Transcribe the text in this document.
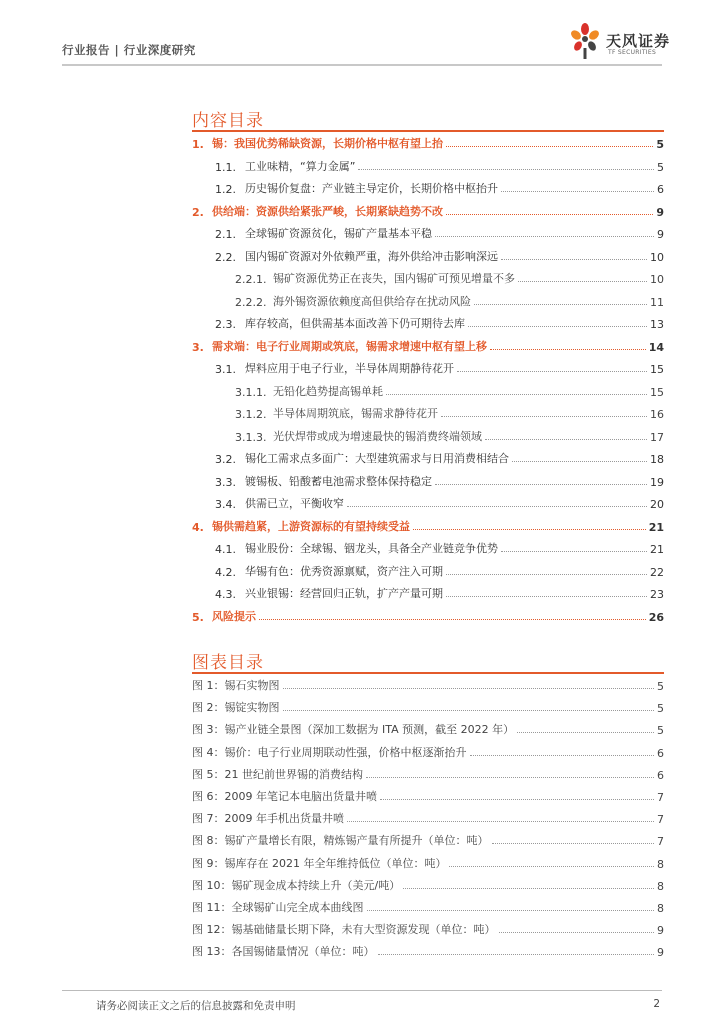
行业报告 | 行业深度研究	天风证券
TF SECURITIES
内容目录
1. 锡：我国优势稀缺资源，长期价格中枢有望上抬	5
1.1. 工业味精，“算力金属”	5
1.2. 历史锡价复盘：产业链主导定价，长期价格中枢抬升	6
2. 供给端：资源供给紧张严峻，长期紧缺趋势不改	9
2.1. 全球锡矿资源贫化，锡矿产量基本平稳	9
2.2. 国内锡矿资源对外依赖严重，海外供给冲击影响深远	10
2.2.1. 锡矿资源优势正在丧失，国内锡矿可预见增量不多	10
2.2.2. 海外锡资源依赖度高但供给存在扰动风险	11
2.3. 库存较高，但供需基本面改善下仍可期待去库	13
3. 需求端：电子行业周期或筑底，锡需求增速中枢有望上移	14
3.1. 焊料应用于电子行业，半导体周期静待花开	15
3.1.1. 无铅化趋势提高锡单耗	15
3.1.2. 半导体周期筑底，锡需求静待花开	16
3.1.3. 光伏焊带或成为增速最快的锡消费终端领域	17
3.2. 锡化工需求点多面广：大型建筑需求与日用消费相结合	18
3.3. 镀锡板、铅酸蓄电池需求整体保持稳定	19
3.4. 供需已立，平衡收窄	20
4. 锡供需趋紧，上游资源标的有望持续受益	21
4.1. 锡业股份：全球锡、铟龙头，具备全产业链竞争优势	21
4.2. 华锡有色：优秀资源禀赋，资产注入可期	22
4.3. 兴业银锡：经营回归正轨，扩产产量可期	23
5. 风险提示	26
图表目录
图 1：锡石实物图	5
图 2：锡锭实物图	5
图 3：锡产业链全景图（深加工数据为 ITA 预测，截至 2022 年）	5
图 4：锡价：电子行业周期联动性强，价格中枢逐渐抬升	6
图 5：21 世纪前世界锡的消费结构	6
图 6：2009 年笔记本电脑出货量井喷	7
图 7：2009 年手机出货量井喷	7
图 8：锡矿产量增长有限，精炼锡产量有所提升（单位：吨）	7
图 9：锡库存在 2021 年全年维持低位（单位：吨）	8
图 10：锡矿现金成本持续上升（美元/吨）	8
图 11：全球锡矿山完全成本曲线图	8
图 12：锡基础储量长期下降，未有大型资源发现（单位：吨）	9
图 13：各国锡储量情况（单位：吨）	9
请务必阅读正文之后的信息披露和免责申明	2
